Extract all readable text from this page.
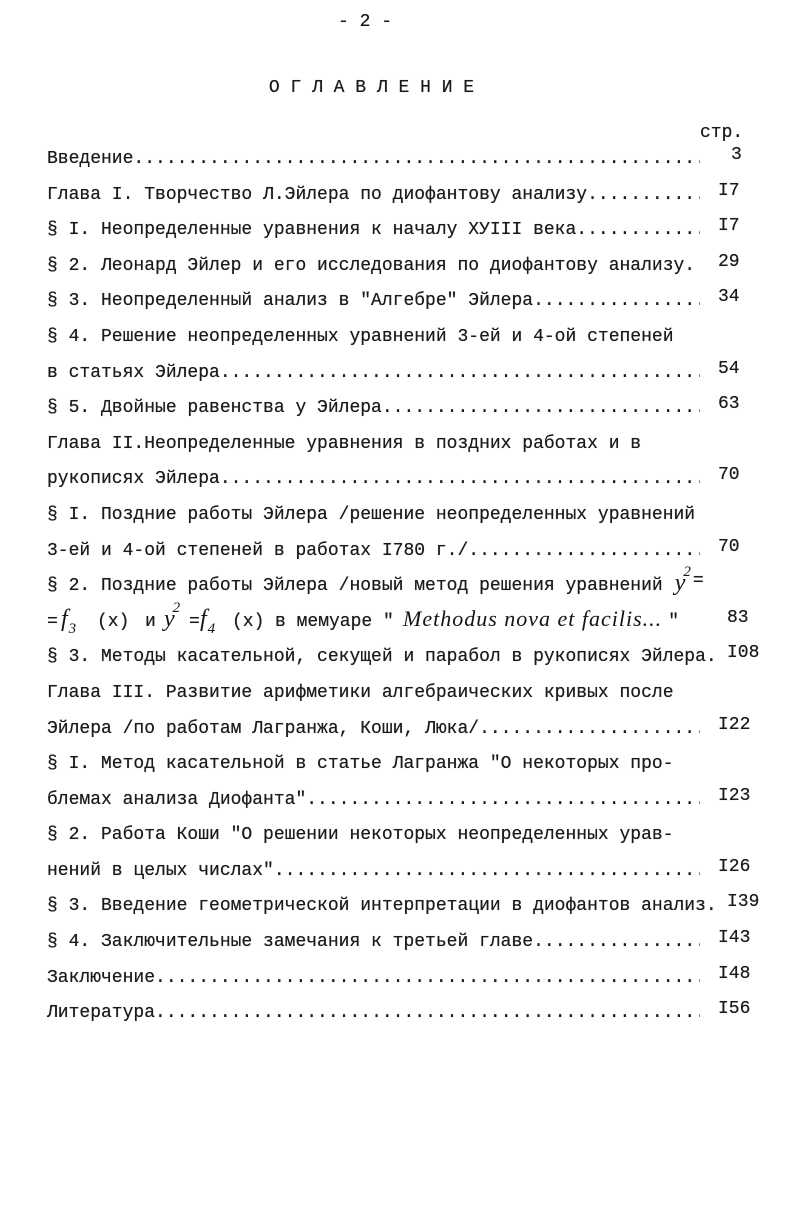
- 2 -
О Г Л А В Л Е Н И Е
стр.
Введение .....	3
Глава I. Творчество Л.Эйлера по диофантову анализу .....	I7
§ I. Неопределенные уравнения к началу ХУIII века .....	I7
§ 2. Леонард Эйлер и его исследования по диофантову анализу. 29
§ 3. Неопределенный анализ в "Алгебре" Эйлера .....	34
§ 4. Решение неопределенных уравнений 3-ей и 4-ой степеней
в статьях Эйлера .....	54
§ 5. Двойные равенства у Эйлера .....	63
Глава II.Неопределенные уравнения в поздних работах и в
рукописях Эйлера .....	70
§ I. Поздние работы Эйлера /решение неопределенных уравнений
3-ей и 4-ой степеней в работах I780 г./ .....	70
§ 2. Поздние работы Эйлера /новый метод решения уравнений $y^2$ =
= $f_3$ (x) и $y^2$
= $f_4$ (x) в мемуаре " Methodus nova et facilis... "	83
§ 3. Методы касательной, секущей и парабол в рукописях Эйлера. I08
Глава III. Развитие арифметики алгебраических кривых после
Эйлера /по работам Лагранжа, Коши, Люка/ .....	I22
§ I. Метод касательной в статье Лагранжа "О некоторых про-
блемах анализа Диофанта" .....	I23
§ 2. Работа Коши "О решении некоторых неопределенных урав-
нений в целых числах" .....	I26
§ 3. Введение геометрической интерпретации в диофантов анализ. I39
§ 4. Заключительные замечания к третьей главе .....	I43
Заключение .....	I48
Литература .....	I56
